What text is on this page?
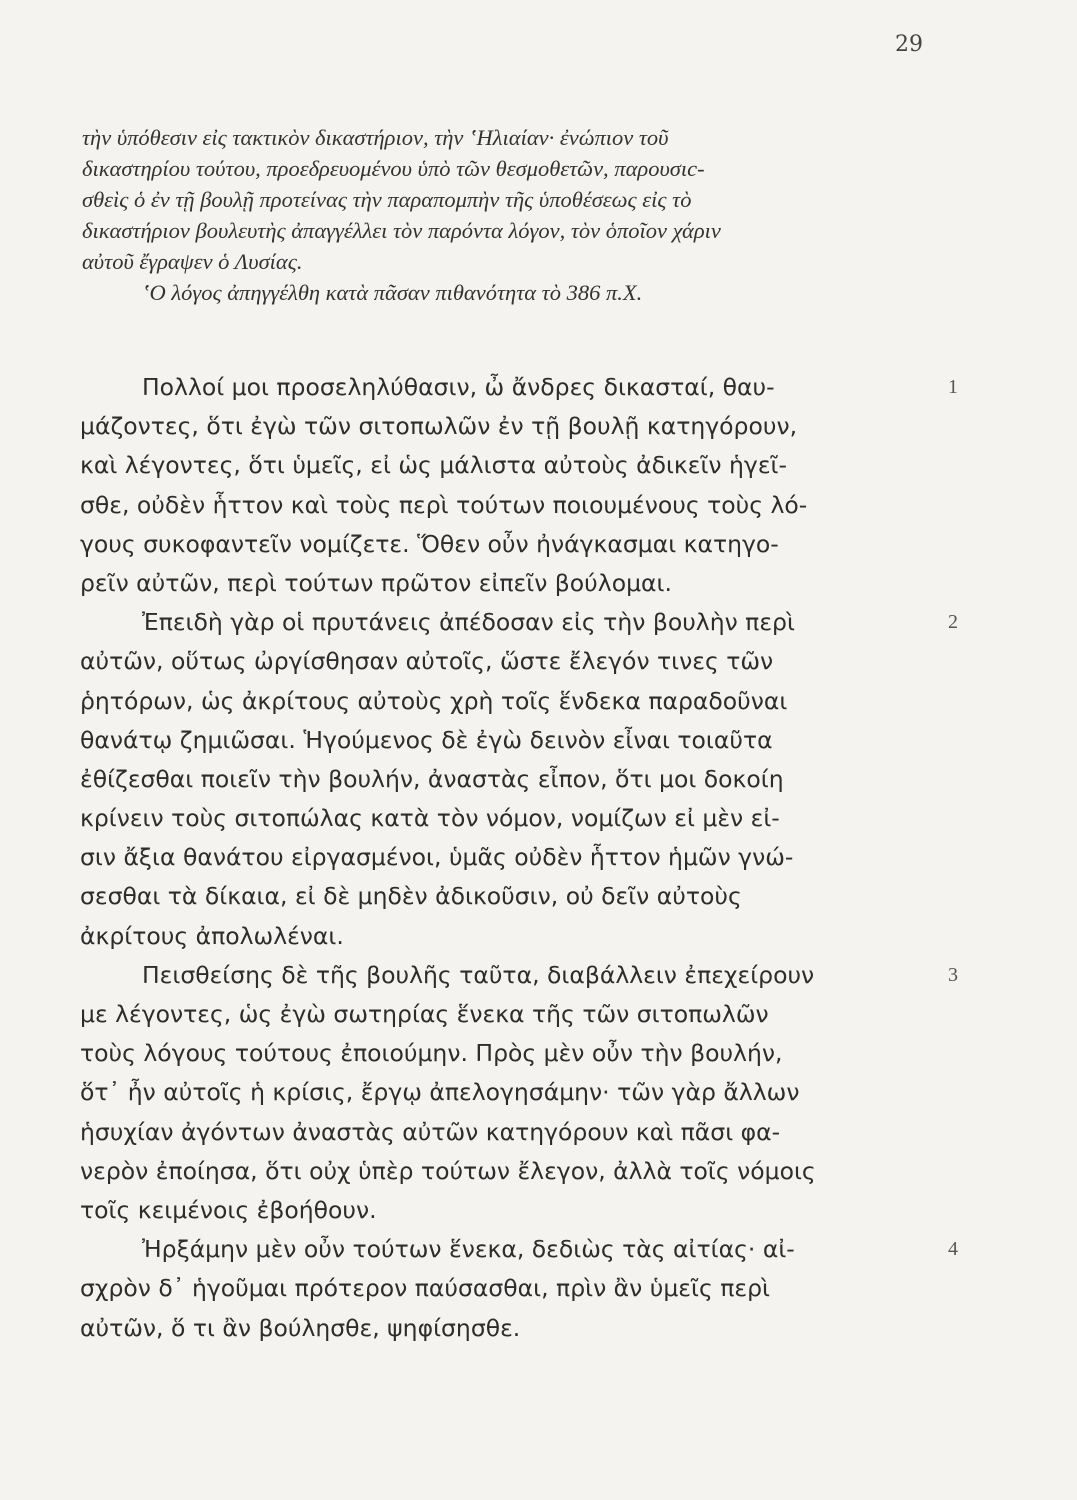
29
τὴν ὑπόθεσιν εἰς τακτικὸν δικαστήριον, τὴν ʽΗλιαίαν· ἐνώπιον τοῦ
δικαστηρίου τούτου, προεδρευομένου ὑπὸ τῶν θεσμοθετῶν, παρουσιc-
σθεὶς ὁ ἐν τῇ βουλῇ προτείνας τὴν παραπομπὴν τῆς ὑποθέσεως εἰς τὸ
δικαστήριον βουλευτὴς ἀπαγγέλλει τὸν παρόντα λόγον, τὸν ὁποῖον χάριν
αὐτοῦ ἔγραψεν ὁ Λυσίας.
ʽΟ λόγος ἀπηγγέλθη κατὰ πᾶσαν πιθανότητα τὸ 386 π.Χ.
Πολλοί μοι προσεληλύθασιν, ὦ ἄνδρες δικασταί, θαυ-	1
μάζοντες, ὅτι ἐγὼ τῶν σιτοπωλῶν ἐν τῇ βουλῇ κατηγόρουν,
καὶ λέγοντες, ὅτι ὑμεῖς, εἰ ὡς μάλιστα αὐτοὺς ἀδικεῖν ἡγεῖ-
σθε, οὐδὲν ἧττον καὶ τοὺς περὶ τούτων ποιουμένους τοὺς λό-
γους συκοφαντεῖν νομίζετε. Ὅθεν οὖν ἠνάγκασμαι κατηγο-
ρεῖν αὐτῶν, περὶ τούτων πρῶτον εἰπεῖν βούλομαι.
Ἐπειδὴ γὰρ οἱ πρυτάνεις ἀπέδοσαν εἰς τὴν βουλὴν περὶ	2
αὐτῶν, οὕτως ὠργίσθησαν αὐτοῖς, ὥστε ἔλεγόν τινες τῶν
ῥητόρων, ὡς ἀκρίτους αὐτοὺς χρὴ τοῖς ἕνδεκα παραδοῦναι
θανάτῳ ζημιῶσαι. Ἡγούμενος δὲ ἐγὼ δεινὸν εἶναι τοιαῦτα
ἐθίζεσθαι ποιεῖν τὴν βουλήν, ἀναστὰς εἶπον, ὅτι μοι δοκοίη
κρίνειν τοὺς σιτοπώλας κατὰ τὸν νόμον, νομίζων εἰ μὲν εἰ-
σιν ἄξια θανάτου εἰργασμένοι, ὑμᾶς οὐδὲν ἧττον ἡμῶν γνώ-
σεσθαι τὰ δίκαια, εἰ δὲ μηδὲν ἀδικοῦσιν, οὐ δεῖν αὐτοὺς
ἀκρίτους ἀπολωλέναι.
Πεισθείσης δὲ τῆς βουλῆς ταῦτα, διαβάλλειν ἐπεχείρουν	3
με λέγοντες, ὡς ἐγὼ σωτηρίας ἕνεκα τῆς τῶν σιτοπωλῶν
τοὺς λόγους τούτους ἐποιούμην. Πρὸς μὲν οὖν τὴν βουλήν,
ὅτ᾽ ἦν αὐτοῖς ἡ κρίσις, ἔργῳ ἀπελογησάμην· τῶν γὰρ ἄλλων
ἡσυχίαν ἀγόντων ἀναστὰς αὐτῶν κατηγόρουν καὶ πᾶσι φα-
νερὸν ἐποίησα, ὅτι οὐχ ὑπὲρ τούτων ἔλεγον, ἀλλὰ τοῖς νόμοις
τοῖς κειμένοις ἐβοήθουν.
Ἠρξάμην μὲν οὖν τούτων ἕνεκα, δεδιὼς τὰς αἰτίας· αἰ-	4
σχρὸν δ᾽ ἡγοῦμαι πρότερον παύσασθαι, πρὶν ἂν ὑμεῖς περὶ
αὐτῶν, ὅ τι ἂν βούλησθε, ψηφίσησθε.
